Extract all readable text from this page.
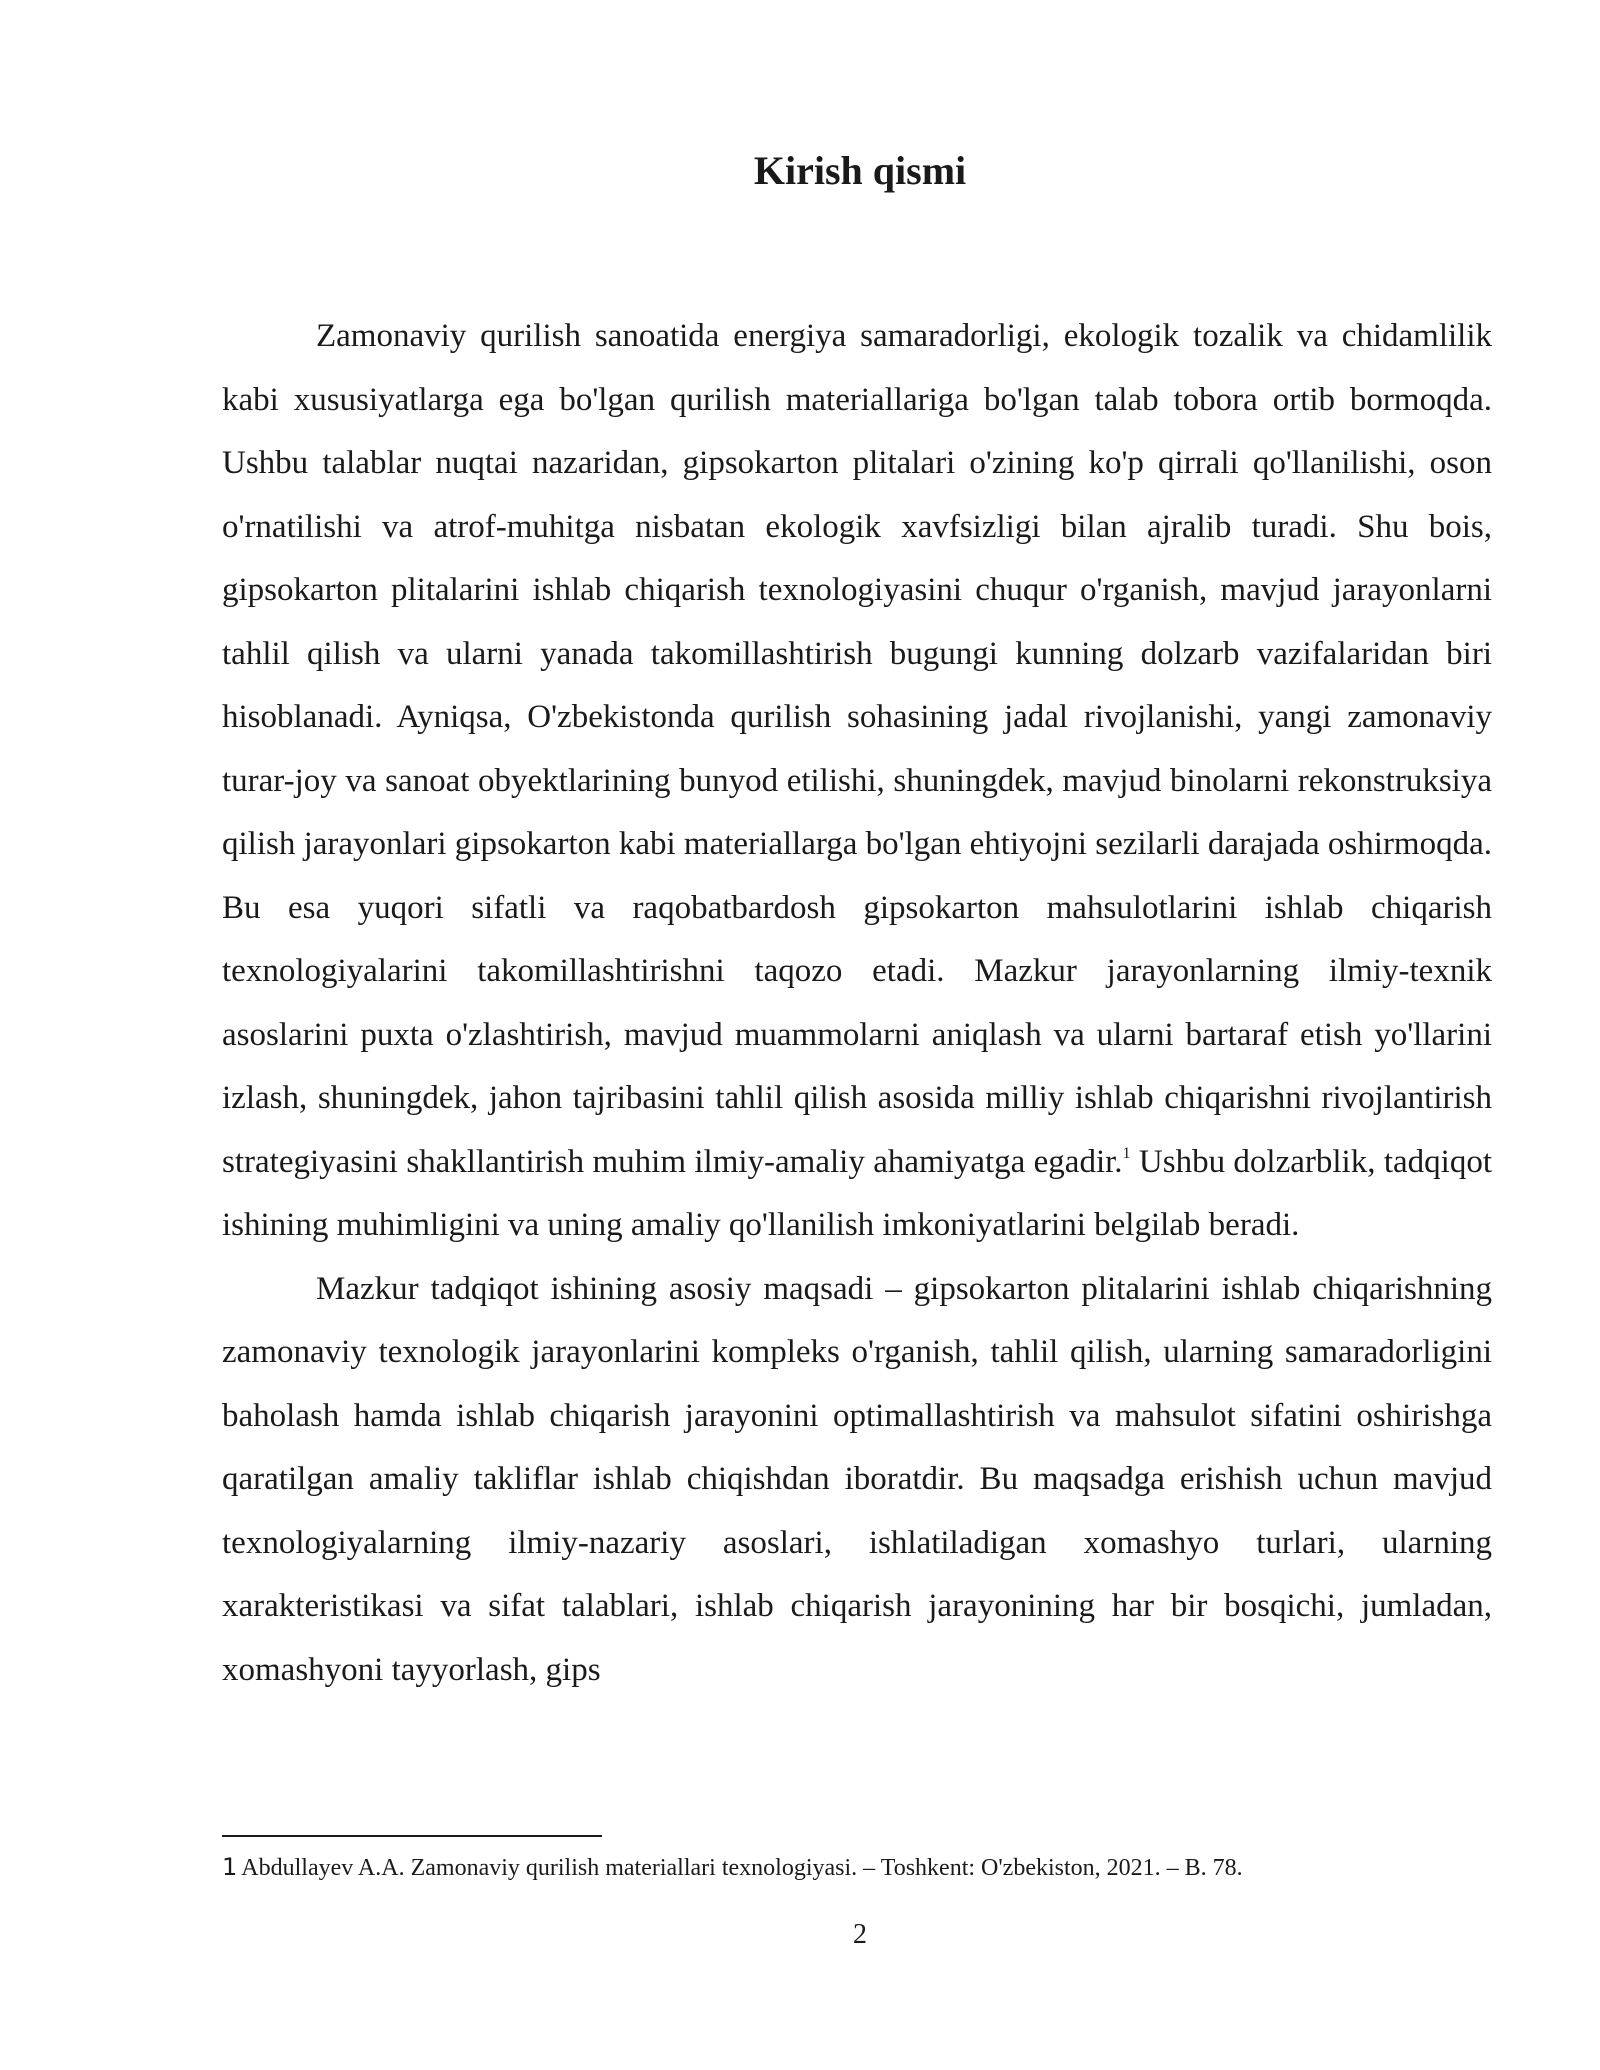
Kirish qismi

Zamonaviy qurilish sanoatida energiya samaradorligi, ekologik tozalik va chidamlilik kabi xususiyatlarga ega bo'lgan qurilish materiallariga bo'lgan talab tobora ortib bormoqda. Ushbu talablar nuqtai nazaridan, gipsokarton plitalari o'zining ko'p qirrali qo'llanilishi, oson o'rnatilishi va atrof-muhitga nisbatan ekologik xavfsizligi bilan ajralib turadi. Shu bois, gipsokarton plitalarini ishlab chiqarish texnologiyasini chuqur o'rganish, mavjud jarayonlarni tahlil qilish va ularni yanada takomillashtirish bugungi kunning dolzarb vazifalaridan biri hisoblanadi. Ayniqsa, O'zbekistonda qurilish sohasining jadal rivojlanishi, yangi zamonaviy turar-joy va sanoat obyektlarining bunyod etilishi, shuningdek, mavjud binolarni rekonstruksiya qilish jarayonlari gipsokarton kabi materiallarga bo'lgan ehtiyojni sezilarli darajada oshirmoqda. Bu esa yuqori sifatli va raqobatbardosh gipsokarton mahsulotlarini ishlab chiqarish texnologiyalarini takomillashtirishni taqozo etadi. Mazkur jarayonlarning ilmiy-texnik asoslarini puxta o'zlashtirish, mavjud muammolarni aniqlash va ularni bartaraf etish yo'llarini izlash, shuningdek, jahon tajribasini tahlil qilish asosida milliy ishlab chiqarishni rivojlantirish strategiyasini shakllantirish muhim ilmiy-amaliy ahamiyatga egadir.$^1$ Ushbu dolzarblik, tadqiqot ishining muhimligini va uning amaliy qo'llanilish imkoniyatlarini belgilab beradi.

Mazkur tadqiqot ishining asosiy maqsadi – gipsokarton plitalarini ishlab chiqarishning zamonaviy texnologik jarayonlarini kompleks o'rganish, tahlil qilish, ularning samaradorligini baholash hamda ishlab chiqarish jarayonini optimallashtirish va mahsulot sifatini oshirishga qaratilgan amaliy takliflar ishlab chiqishdan iboratdir. Bu maqsadga erishish uchun mavjud texnologiyalarning ilmiy-nazariy asoslari, ishlatiladigan xomashyo turlari, ularning xarakteristikasi va sifat talablari, ishlab chiqarish jarayonining har bir bosqichi, jumladan, xomashyoni tayyorlash, gips

1 Abdullayev A.A. Zamonaviy qurilish materiallari texnologiyasi. – Toshkent: O'zbekiston, 2021. – B. 78.

2
